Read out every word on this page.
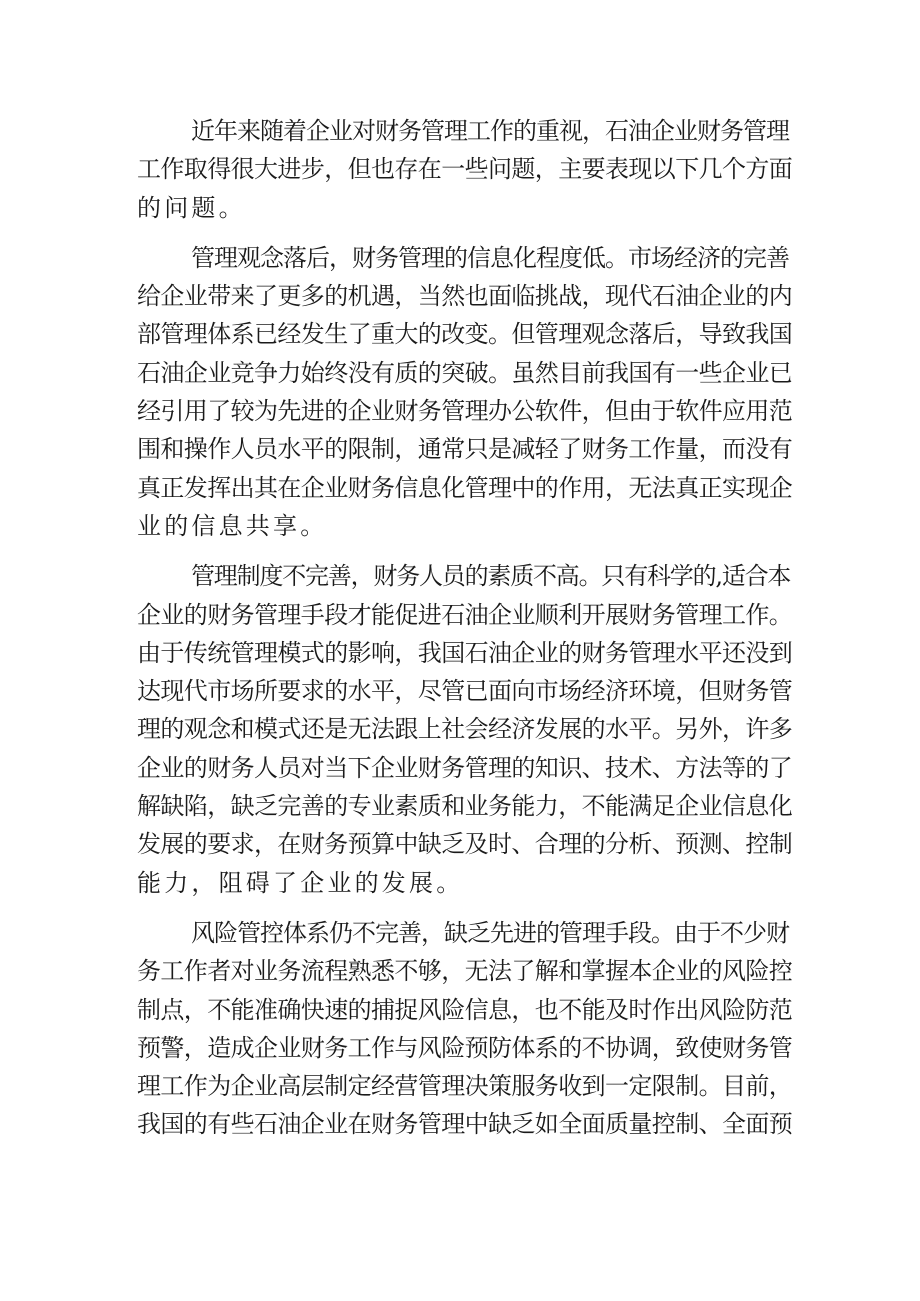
近年来随着企业对财务管理工作的重视，石油企业财务管理
工作取得很大进步，但也存在一些问题，主要表现以下几个方面
的问题。

管理观念落后，财务管理的信息化程度低。市场经济的完善
给企业带来了更多的机遇，当然也面临挑战，现代石油企业的内
部管理体系已经发生了重大的改变。但管理观念落后，导致我国
石油企业竞争力始终没有质的突破。虽然目前我国有一些企业已
经引用了较为先进的企业财务管理办公软件，但由于软件应用范
围和操作人员水平的限制，通常只是减轻了财务工作量，而没有
真正发挥出其在企业财务信息化管理中的作用，无法真正实现企
业的信息共享。

管理制度不完善，财务人员的素质不高。只有科学的,适合本
企业的财务管理手段才能促进石油企业顺利开展财务管理工作。
由于传统管理模式的影响，我国石油企业的财务管理水平还没到
达现代市场所要求的水平，尽管已面向市场经济环境，但财务管
理的观念和模式还是无法跟上社会经济发展的水平。另外，许多
企业的财务人员对当下企业财务管理的知识、技术、方法等的了
解缺陷，缺乏完善的专业素质和业务能力，不能满足企业信息化
发展的要求，在财务预算中缺乏及时、合理的分析、预测、控制
能力，阻碍了企业的发展。

风险管控体系仍不完善，缺乏先进的管理手段。由于不少财
务工作者对业务流程熟悉不够，无法了解和掌握本企业的风险控
制点，不能准确快速的捕捉风险信息，也不能及时作出风险防范
预警，造成企业财务工作与风险预防体系的不协调，致使财务管
理工作为企业高层制定经营管理决策服务收到一定限制。目前，
我国的有些石油企业在财务管理中缺乏如全面质量控制、全面预
